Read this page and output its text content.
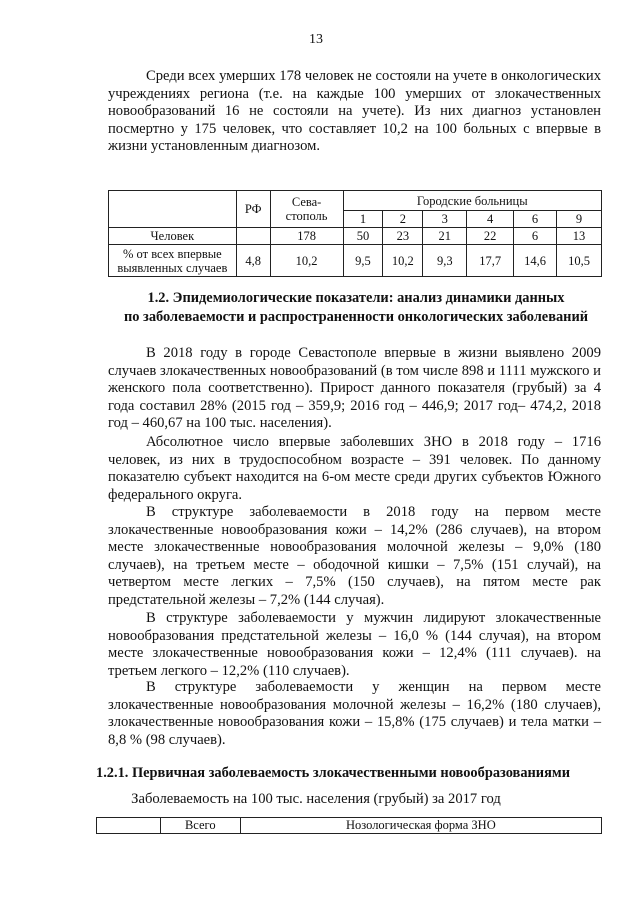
13

Среди всех умерших 178 человек не состояли на учете в онкологических учреждениях региона (т.е. на каждые 100 умерших от злокачественных новообразований 16 не состояли на учете). Из них диагноз установлен посмертно у 175 человек, что составляет 10,2 на 100 больных с впервые в жизни установленным диагнозом.

	РФ	Сева-стополь	Городские больницы					
			1	2	3	4	6	9
Человек		178	50	23	21	22	6	13
% от всех впервые выявленных случаев	4,8	10,2	9,5	10,2	9,3	17,7	14,6	10,5

1.2. Эпидемиологические показатели: анализ динамики данных

по заболеваемости и распространенности онкологических заболеваний

В 2018 году в городе Севастополе впервые в жизни выявлено 2009 случаев злокачественных новообразований (в том числе 898 и 1111 мужского и женского пола соответственно). Прирост данного показателя (грубый) за 4 года составил 28% (2015 год – 359,9; 2016 год – 446,9; 2017 год– 474,2, 2018 год – 460,67 на 100 тыс. населения).

Абсолютное число впервые заболевших ЗНО в 2018 году – 1716 человек, из них в трудоспособном возрасте – 391 человек. По данному показателю субъект находится на 6-ом месте среди других субъектов Южного федерального округа.

В структуре заболеваемости в 2018 году на первом месте злокачественные новообразования кожи – 14,2% (286 случаев), на втором месте злокачественные новообразования молочной железы – 9,0% (180 случаев), на третьем месте – ободочной кишки – 7,5% (151 случай), на четвертом месте легких – 7,5% (150 случаев), на пятом месте рак предстательной железы – 7,2% (144 случая).

В структуре заболеваемости у мужчин лидируют злокачественные новообразования предстательной железы – 16,0 % (144 случая), на втором месте злокачественные новообразования кожи – 12,4% (111 случаев). на третьем легкого – 12,2% (110 случаев).

В структуре заболеваемости у женщин на первом месте злокачественные новообразования молочной железы – 16,2% (180 случаев), злокачественные новообразования кожи – 15,8% (175 случаев) и тела матки – 8,8 % (98 случаев).

1.2.1. Первичная заболеваемость злокачественными новообразованиями

Заболеваемость на 100 тыс. населения (грубый) за 2017 год
	Всего	Нозологическая форма ЗНО
